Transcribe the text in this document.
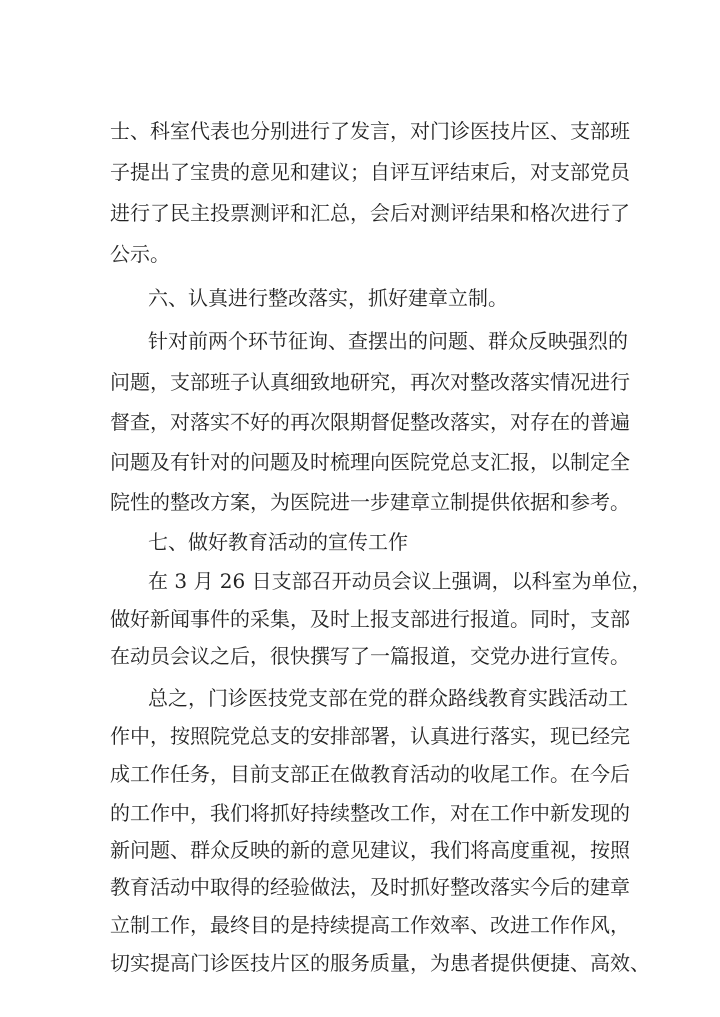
士、科室代表也分别进行了发言，对门诊医技片区、支部班
子提出了宝贵的意见和建议；自评互评结束后，对支部党员
进行了民主投票测评和汇总，会后对测评结果和格次进行了
公示。
六、认真进行整改落实，抓好建章立制。
针对前两个环节征询、查摆出的问题、群众反映强烈的
问题，支部班子认真细致地研究，再次对整改落实情况进行
督查，对落实不好的再次限期督促整改落实，对存在的普遍
问题及有针对的问题及时梳理向医院党总支汇报，以制定全
院性的整改方案，为医院进一步建章立制提供依据和参考。
七、做好教育活动的宣传工作
在 3 月 26 日支部召开动员会议上强调，以科室为单位，
做好新闻事件的采集，及时上报支部进行报道。同时，支部
在动员会议之后，很快撰写了一篇报道，交党办进行宣传。
总之，门诊医技党支部在党的群众路线教育实践活动工
作中，按照院党总支的安排部署，认真进行落实，现已经完
成工作任务，目前支部正在做教育活动的收尾工作。在今后
的工作中，我们将抓好持续整改工作，对在工作中新发现的
新问题、群众反映的新的意见建议，我们将高度重视，按照
教育活动中取得的经验做法，及时抓好整改落实今后的建章
立制工作，最终目的是持续提高工作效率、改进工作作风，
切实提高门诊医技片区的服务质量，为患者提供便捷、高效、
